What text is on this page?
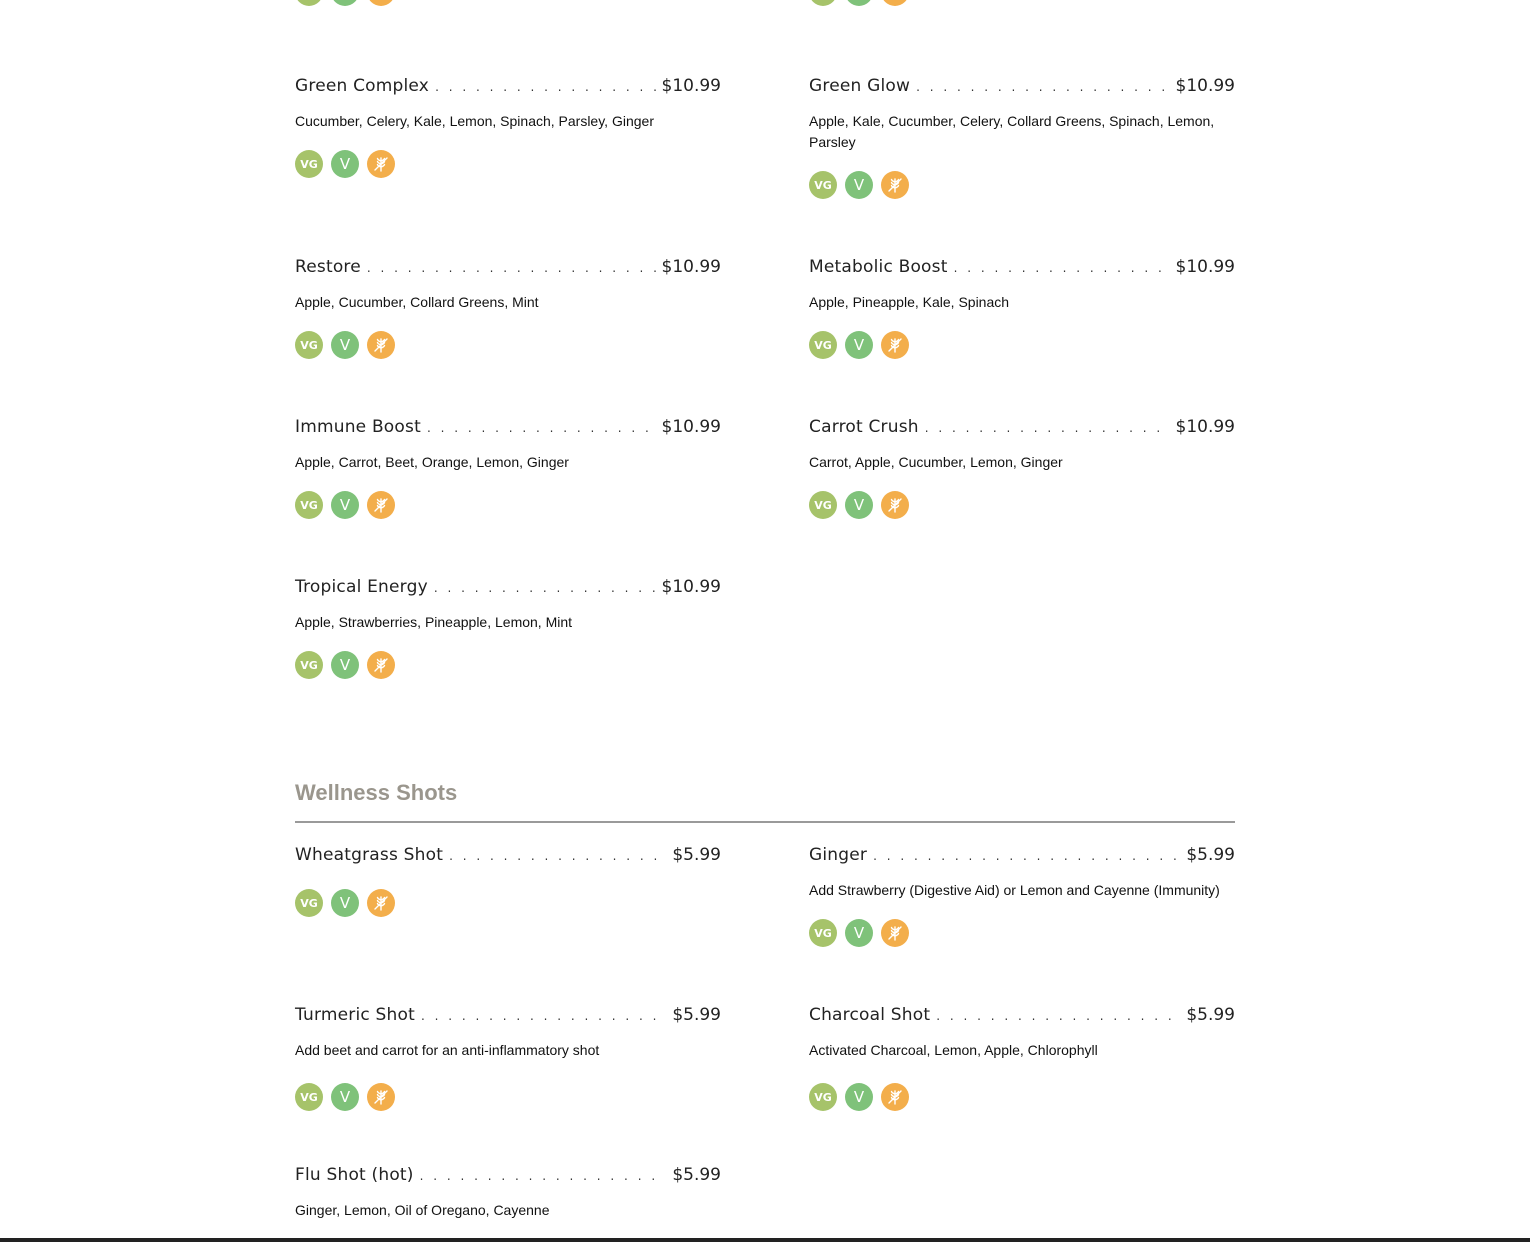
Green Complex . . .	$10.99
Cucumber, Celery, Kale, Lemon, Spinach, Parsley, Ginger
VG	V
Green Glow . . .	$10.99
Apple, Kale, Cucumber, Celery, Collard Greens, Spinach, Lemon, Parsley
VG	V
Restore . . .	$10.99
Apple, Cucumber, Collard Greens, Mint
VG	V
Metabolic Boost . . .	$10.99
Apple, Pineapple, Kale, Spinach
VG	V
Immune Boost . . .	$10.99
Apple, Carrot, Beet, Orange, Lemon, Ginger
VG	V
Carrot Crush . . .	$10.99
Carrot, Apple, Cucumber, Lemon, Ginger
VG	V
Tropical Energy . . .	$10.99
Apple, Strawberries, Pineapple, Lemon, Mint
VG	V
Wellness Shots
Wheatgrass Shot . . .	$5.99
VG	V
Ginger . . .	$5.99
Add Strawberry (Digestive Aid) or Lemon and Cayenne (Immunity)
VG	V
Turmeric Shot . . .	$5.99
Add beet and carrot for an anti-inflammatory shot
VG	V
Charcoal Shot . . .	$5.99
Activated Charcoal, Lemon, Apple, Chlorophyll
VG	V
Flu Shot (hot) . . .	$5.99
Ginger, Lemon, Oil of Oregano, Cayenne
